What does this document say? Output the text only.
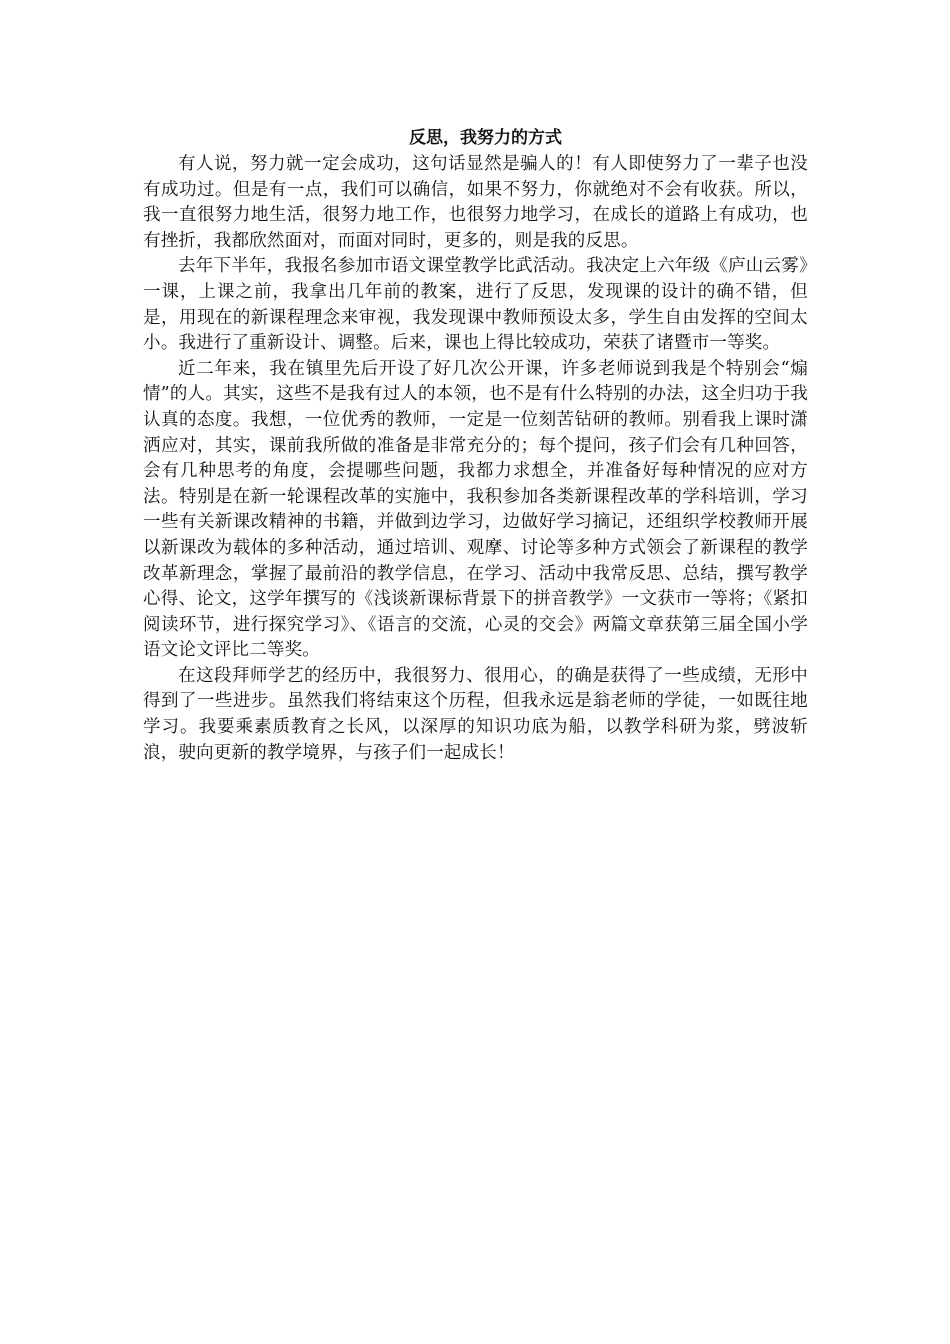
反思，我努力的方式

有人说，努力就一定会成功，这句话显然是骗人的！有人即使努力了一辈子也没有成功过。但是有一点，我们可以确信，如果不努力，你就绝对不会有收获。所以，我一直很努力地生活，很努力地工作，也很努力地学习，在成长的道路上有成功，也有挫折，我都欣然面对，而面对同时，更多的，则是我的反思。

去年下半年，我报名参加市语文课堂教学比武活动。我决定上六年级《庐山云雾》一课，上课之前，我拿出几年前的教案，进行了反思，发现课的设计的确不错，但是，用现在的新课程理念来审视，我发现课中教师预设太多，学生自由发挥的空间太小。我进行了重新设计、调整。后来，课也上得比较成功，荣获了诸暨市一等奖。

近二年来，我在镇里先后开设了好几次公开课，许多老师说到我是个特别会“煽情”的人。其实，这些不是我有过人的本领，也不是有什么特别的办法，这全归功于我认真的态度。我想，一位优秀的教师，一定是一位刻苦钻研的教师。别看我上课时潇洒应对，其实，课前我所做的准备是非常充分的；每个提问，孩子们会有几种回答，会有几种思考的角度，会提哪些问题，我都力求想全，并准备好每种情况的应对方法。特别是在新一轮课程改革的实施中，我积参加各类新课程改革的学科培训，学习一些有关新课改精神的书籍，并做到边学习，边做好学习摘记，还组织学校教师开展以新课改为载体的多种活动，通过培训、观摩、讨论等多种方式领会了新课程的教学改革新理念，掌握了最前沿的教学信息，在学习、活动中我常反思、总结，撰写教学心得、论文，这学年撰写的《浅谈新课标背景下的拼音教学》一文获市一等将；《紧扣阅读环节，进行探究学习》、《语言的交流，心灵的交会》两篇文章获第三届全国小学语文论文评比二等奖。

在这段拜师学艺的经历中，我很努力、很用心，的确是获得了一些成绩，无形中得到了一些进步。虽然我们将结束这个历程，但我永远是翁老师的学徒，一如既往地学习。我要乘素质教育之长风，以深厚的知识功底为船，以教学科研为浆，劈波斩浪，驶向更新的教学境界，与孩子们一起成长！
